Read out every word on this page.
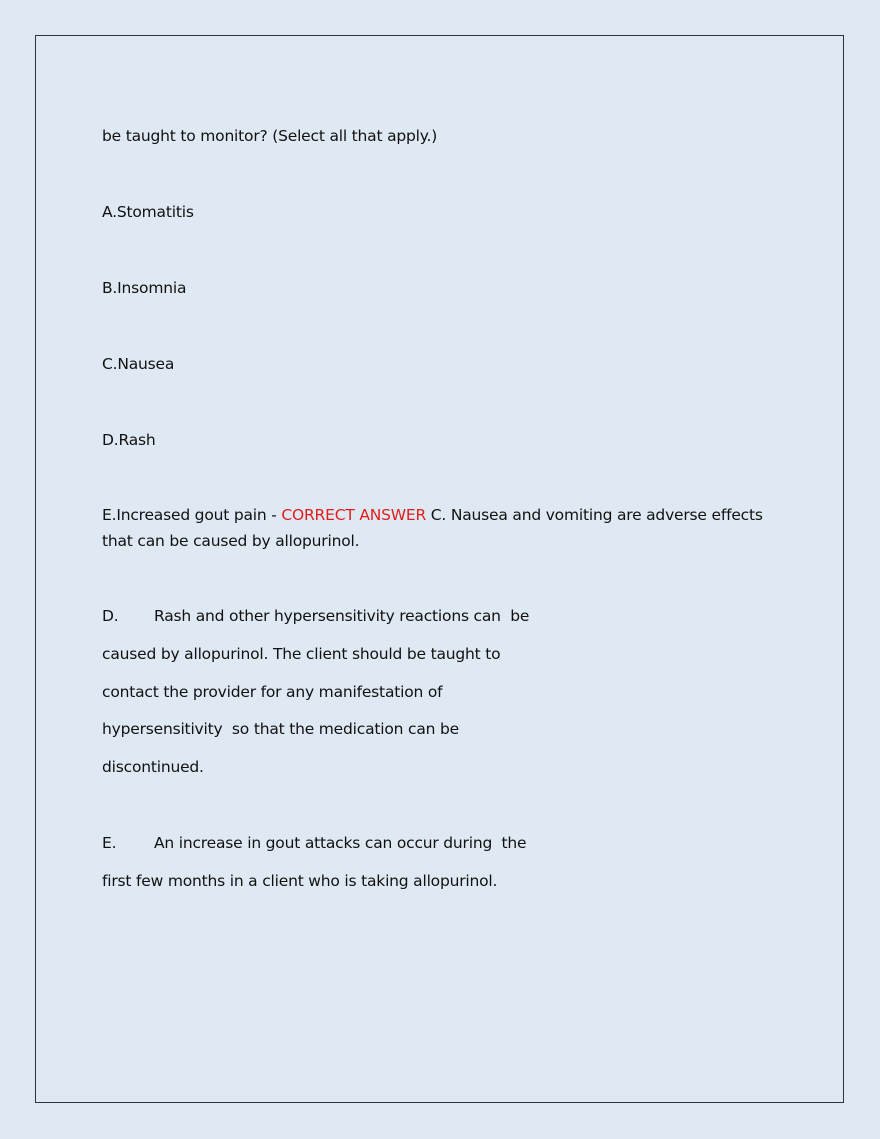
be taught to monitor? (Select all that apply.)
A.Stomatitis
B.Insomnia
C.Nausea
D.Rash
E.Increased gout pain - CORRECT ANSWER C. Nausea and vomiting are adverse effects
that can be caused by allopurinol.
D. Rash and other hypersensitivity reactions can  be
caused by allopurinol. The client should be taught to
contact the provider for any manifestation of
hypersensitivity  so that the medication can be
discontinued.
E. An increase in gout attacks can occur during  the
first few months in a client who is taking allopurinol.
